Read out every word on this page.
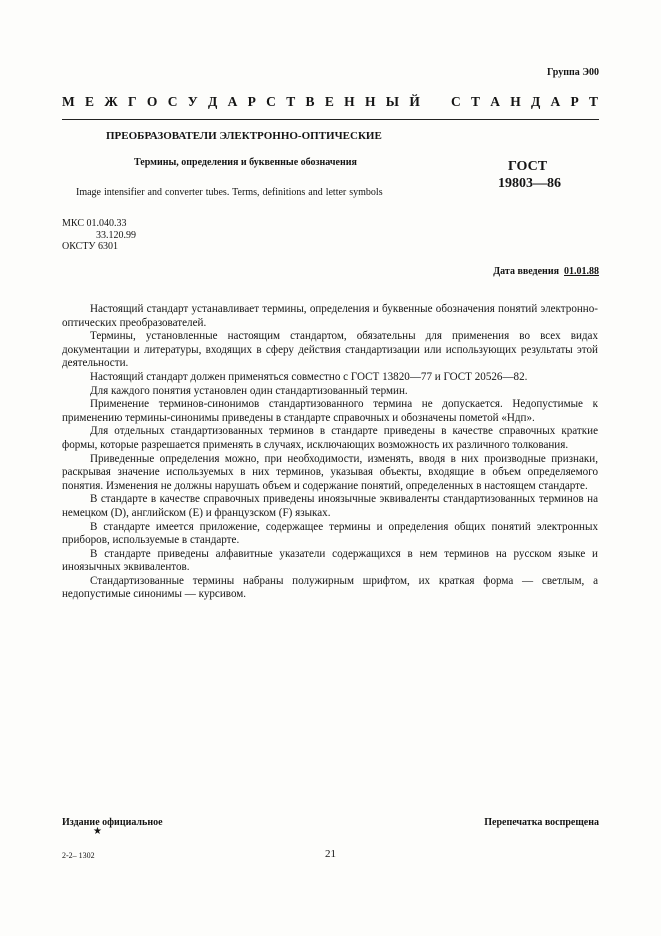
Группа Э00
М Е Ж Г О С У Д А Р С Т В Е Н Н Ы Й С Т А Н Д А Р Т
ПРЕОБРАЗОВАТЕЛИ ЭЛЕКТРОННО-ОПТИЧЕСКИЕ
Термины, определения и буквенные обозначения	ГОСТ
19803—86
Image intensifier and converter tubes. Terms, definitions and letter symbols
МКС 01.040.33
33.120.99
ОКСТУ 6301
Дата введения 01.01.88

Настоящий стандарт устанавливает термины, определения и буквенные обозначения понятий электронно-оптических преобразователей.

Термины, установленные настоящим стандартом, обязательны для применения во всех видах документации и литературы, входящих в сферу действия стандартизации или использующих результаты этой деятельности.

Настоящий стандарт должен применяться совместно с ГОСТ 13820—77 и ГОСТ 20526—82.

Для каждого понятия установлен один стандартизованный термин.

Применение терминов-синонимов стандартизованного термина не допускается. Недопустимые к применению термины-синонимы приведены в стандарте справочных и обозначены пометой «Ндп».

Для отдельных стандартизованных терминов в стандарте приведены в качестве справочных краткие формы, которые разрешается применять в случаях, исключающих возможность их различного толкования.

Приведенные определения можно, при необходимости, изменять, вводя в них производные признаки, раскрывая значение используемых в них терминов, указывая объекты, входящие в объем определяемого понятия. Изменения не должны нарушать объем и содержание понятий, определенных в настоящем стандарте.

В стандарте в качестве справочных приведены иноязычные эквиваленты стандартизованных терминов на немецком (D), английском (E) и французском (F) языках.

В стандарте имеется приложение, содержащее термины и определения общих понятий электронных приборов, используемые в стандарте.

В стандарте приведены алфавитные указатели содержащихся в нем терминов на русском языке и иноязычных эквивалентов.

Стандартизованные термины набраны полужирным шрифтом, их краткая форма — светлым, а недопустимые синонимы — курсивом.

Издание официальное
★
Перепечатка воспрещена
2-2– 1302	21
